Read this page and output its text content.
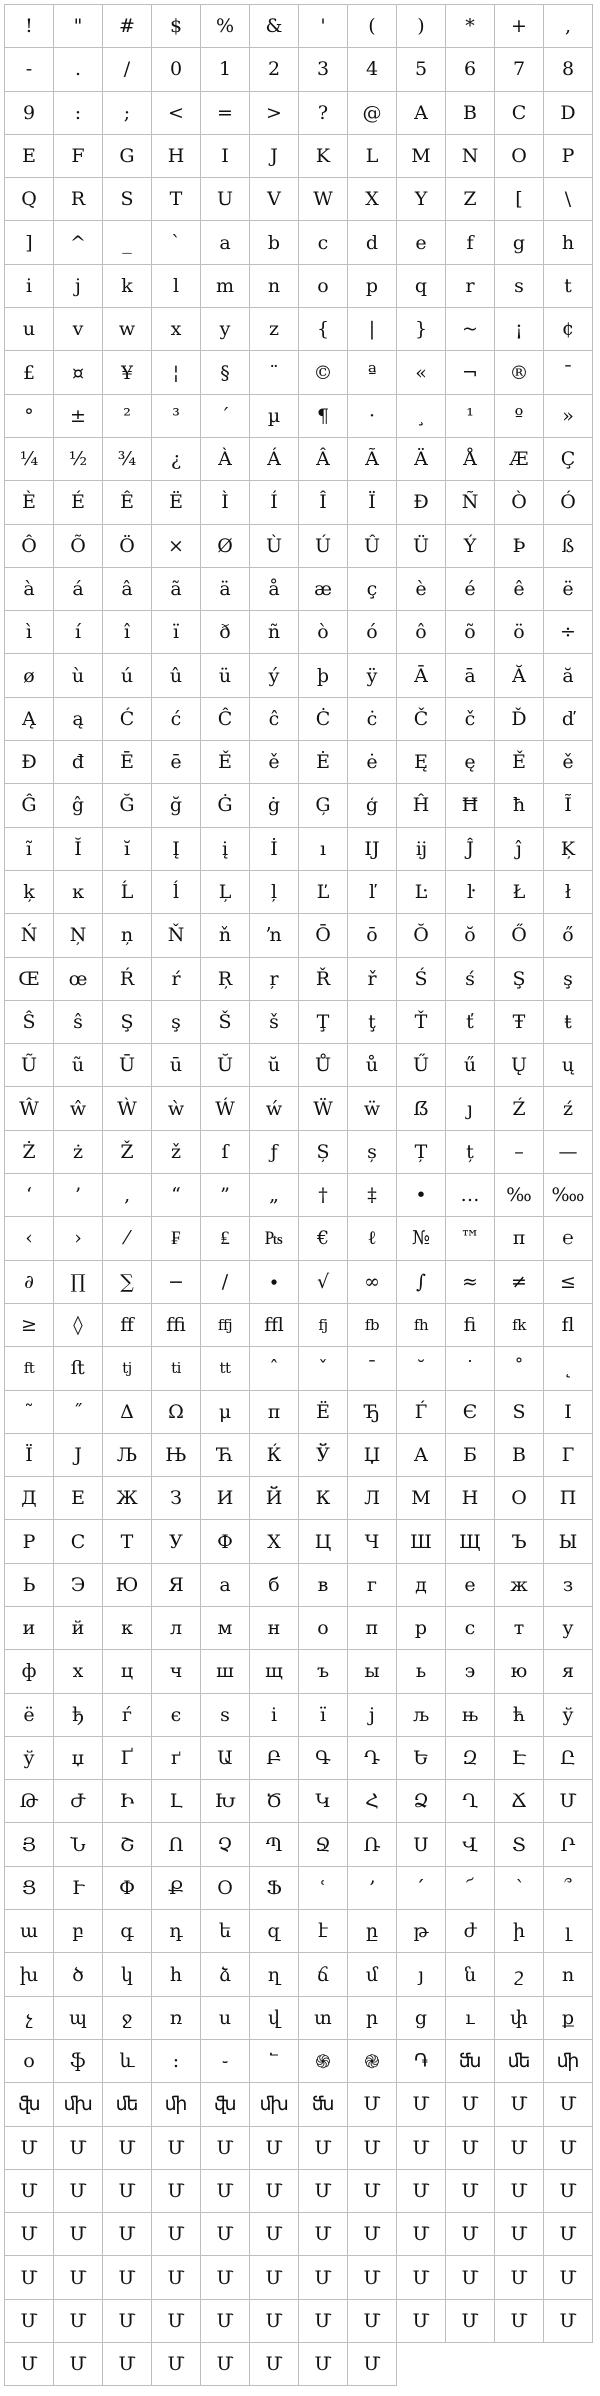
!	"	#	$	%	&	'	(	)	*	+	,
-	.	/	0	1	2	3	4	5	6	7	8
9	:	;	<	=	>	?	@	A	B	C	D
E	F	G	H	I	J	K	L	M	N	O	P
Q	R	S	T	U	V	W	X	Y	Z	[	\
]	^	_	`	a	b	c	d	e	f	g	h
i	j	k	l	m	n	o	p	q	r	s	t
u	v	w	x	y	z	{	|	}	~	¡	¢
£	¤	¥	¦	§	¨	©	ª	«	¬	®	¯
°	±	²	³	´	µ	¶	·	¸	¹	º	»
¼	½	¾	¿	À	Á	Â	Ã	Ä	Å	Æ	Ç
È	É	Ê	Ë	Ì	Í	Î	Ï	Ð	Ñ	Ò	Ó
Ô	Õ	Ö	×	Ø	Ù	Ú	Û	Ü	Ý	Þ	ß
à	á	â	ã	ä	å	æ	ç	è	é	ê	ë
ì	í	î	ï	ð	ñ	ò	ó	ô	õ	ö	÷
ø	ù	ú	û	ü	ý	þ	ÿ	Ā	ā	Ă	ă
Ą	ą	Ć	ć	Ĉ	ĉ	Ċ	ċ	Č	č	Ď	ď
Đ	đ	Ē	ē	Ě	ě	Ė	ė	Ę	ę	Ě	ě
Ĝ	ĝ	Ğ	ğ	Ġ	ġ	Ģ	ģ	Ĥ	Ħ	ħ	Ĩ
ĩ	Ĭ	ĭ	Į	į	İ	ı	Ĳ	ĳ	Ĵ	ĵ	Ķ
ķ	ĸ	Ĺ	ĺ	Ļ	ļ	Ľ	ľ	Ŀ	ŀ	Ł	ł
Ń	Ņ	ņ	Ň	ň	ŉ	Ō	ō	Ŏ	ŏ	Ő	ő
Œ	œ	Ŕ	ŕ	Ŗ	ŗ	Ř	ř	Ś	ś	Ş	ş
Ŝ	ŝ	Ş	ş	Š	š	Ţ	ţ	Ť	ť	Ŧ	ŧ
Ũ	ũ	Ū	ū	Ŭ	ŭ	Ů	ů	Ű	ű	Ų	ų
Ŵ	ŵ	Ẁ	ẁ	Ẃ	ẃ	Ẅ	ẅ	ẞ	ȷ	Ź	ź
Ż	ż	Ž	ž	ſ	ƒ	Ș	ș	Ț	ț	–	—
‘	’	‚	“	”	„	†	‡	•	…	‰	‱
‹	›	⁄	₣	₤	₧	€	ℓ	№	™	π	℮
∂	∏	∑	−	∕	∙	√	∞	∫	≈	≠	≤
≥	◊	ﬀ	ﬃ	ﬀj	ﬄ	fj	fb	fh	ﬁ	fk	ﬂ
ft	ﬅ	tj	ti	tt	ˆ	ˇ	ˉ	˘	˙	˚	˛
˜	˝	Δ	Ω	μ	π	Ё	Ђ	Ѓ	Є	Ѕ	І
Ї	Ј	Љ	Њ	Ћ	Ќ	Ў	Џ	А	Б	В	Г
Д	Е	Ж	З	И	Й	К	Л	М	Н	О	П
Р	С	Т	У	Ф	Х	Ц	Ч	Ш	Щ	Ъ	Ы
Ь	Э	Ю	Я	а	б	в	г	д	е	ж	з
и	й	к	л	м	н	о	п	р	с	т	у
ф	х	ц	ч	ш	щ	ъ	ы	ь	э	ю	я
ё	ђ	ѓ	є	ѕ	і	ї	ј	љ	њ	ћ	ў
ў	џ	Ґ	ґ	Ա	Բ	Գ	Դ	Ե	Զ	Է	Ը
Թ	Ժ	Ի	Լ	Խ	Ծ	Կ	Հ	Ձ	Ղ	Ճ	Մ
Յ	Ն	Շ	Ո	Չ	Պ	Ջ	Ռ	Ս	Վ	Տ	Ր
Ց	Ւ	Փ	Ք	Օ	Ֆ	ՙ	՚	՛	՜	՝	՞
ա	բ	գ	դ	ե	զ	է	ը	թ	ժ	ի	լ
խ	ծ	կ	հ	ձ	ղ	ճ	մ	յ	ն	շ	ո
չ	պ	ջ	ռ	ս	վ	տ	ր	ց	ւ	փ	ք
օ	ֆ	և	:	֊	՟	֍	֎	֏	ﬓ	ﬔ	ﬕ
ﬖ	ﬗ	ﬔ	ﬕ	ﬖ	ﬗ	ﬓ	Մ	Մ	Մ	Մ	Մ
Մ	Մ	Մ	Մ	Մ	Մ	Մ	Մ	Մ	Մ	Մ	Մ
Մ	Մ	Մ	Մ	Մ	Մ	Մ	Մ	Մ	Մ	Մ	Մ
Մ	Մ	Մ	Մ	Մ	Մ	Մ	Մ	Մ	Մ	Մ	Մ
Մ	Մ	Մ	Մ	Մ	Մ	Մ	Մ	Մ	Մ	Մ	Մ
Մ	Մ	Մ	Մ	Մ	Մ	Մ	Մ	Մ	Մ	Մ	Մ
Մ	Մ	Մ	Մ	Մ	Մ	Մ	Մ
